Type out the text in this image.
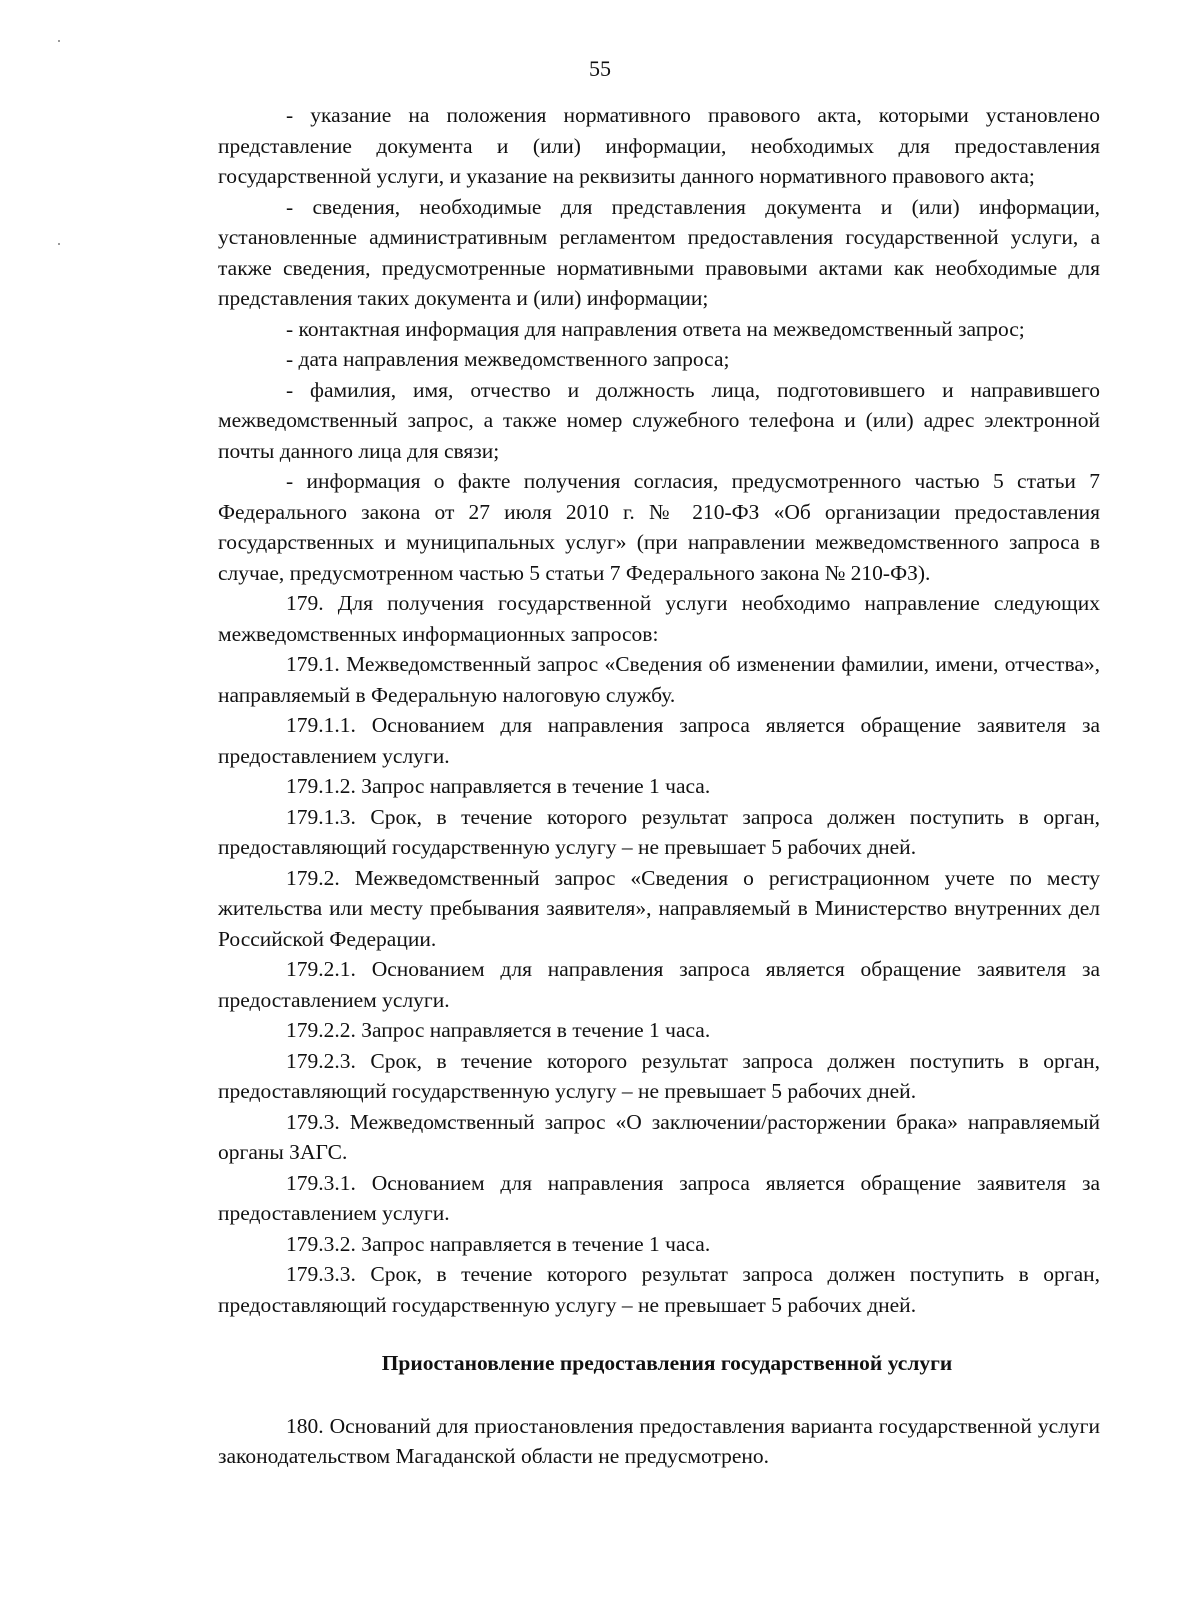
55

- указание на положения нормативного правового акта, которыми установлено представление документа и (или) информации, необходимых для предоставления государственной услуги, и указание на реквизиты данного нормативного правового акта;

- сведения, необходимые для представления документа и (или) информации, установленные административным регламентом предоставления государственной услуги, а также сведения, предусмотренные нормативными правовыми актами как необходимые для представления таких документа и (или) информации;

- контактная информация для направления ответа на межведомственный запрос;

- дата направления межведомственного запроса;

- фамилия, имя, отчество и должность лица, подготовившего и направившего межведомственный запрос, а также номер служебного телефона и (или) адрес электронной почты данного лица для связи;

- информация о факте получения согласия, предусмотренного частью 5 статьи 7 Федерального закона от 27 июля 2010 г. № 210-ФЗ «Об организации предоставления государственных и муниципальных услуг» (при направлении межведомственного запроса в случае, предусмотренном частью 5 статьи 7 Федерального закона № 210-ФЗ).

179. Для получения государственной услуги необходимо направление следующих межведомственных информационных запросов:

179.1. Межведомственный запрос «Сведения об изменении фамилии, имени, отчества», направляемый в Федеральную налоговую службу.

179.1.1. Основанием для направления запроса является обращение заявителя за предоставлением услуги.

179.1.2. Запрос направляется в течение 1 часа.

179.1.3. Срок, в течение которого результат запроса должен поступить в орган, предоставляющий государственную услугу – не превышает 5 рабочих дней.

179.2. Межведомственный запрос «Сведения о регистрационном учете по месту жительства или месту пребывания заявителя», направляемый в Министерство внутренних дел Российской Федерации.

179.2.1. Основанием для направления запроса является обращение заявителя за предоставлением услуги.

179.2.2. Запрос направляется в течение 1 часа.

179.2.3. Срок, в течение которого результат запроса должен поступить в орган, предоставляющий государственную услугу – не превышает 5 рабочих дней.

179.3. Межведомственный запрос «О заключении/расторжении брака» направляемый органы ЗАГС.

179.3.1. Основанием для направления запроса является обращение заявителя за предоставлением услуги.

179.3.2. Запрос направляется в течение 1 часа.

179.3.3. Срок, в течение которого результат запроса должен поступить в орган, предоставляющий государственную услугу – не превышает 5 рабочих дней.

Приостановление предоставления государственной услуги

180. Оснований для приостановления предоставления варианта государственной услуги законодательством Магаданской области не предусмотрено.
